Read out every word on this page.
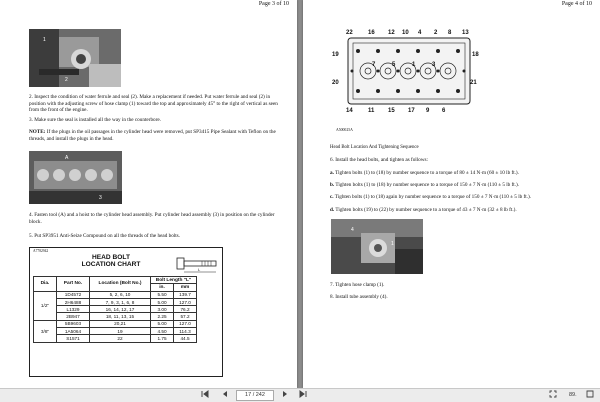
Page 3 of 10
1
2
2. Inspect the condition of water ferrule and seal (2). Make a replacement if needed. Put water ferrule and seal (2) in position with the adjusting screw of hose clamp (1) toward the top and approximately 45° to the right of vertical as seen from the front of the engine.
3. Make sure the seal is installed all the way in the counterbore.
NOTE: If the plugs in the oil passages in the cylinder head were removed, put SP3415 Pipe Sealant with Teflon on the threads, and install the plugs in the head.
A
3
4. Fasten tool (A) and a hoist to the cylinder head assembly. Put cylinder head assembly (3) in position on the cylinder block.
5. Put SP3951 Anti-Seize Compound on all the threads of the head bolts.
A7782942
HEAD BOLT
LOCATION CHART
L
Dia.	Part No.	Location (Bolt No.)	Bolt Length "L"	
			in.	mm
1/2"	1D4572	5, 2, 6, 10	5.50	139.7
	2H6488	7, 9, 3, 1, 6, 8	5.00	127.0
	L1329	16, 14, 12, 17	3.00	76.2
	2B947	18, 11, 13, 15	2.25	57.2
3/8"	5B9603	20,21	5.00	127.0
	1A5064	19	4.50	114.3
	S1571	22	1.75	44.5
Page 4 of 10
22	16 12 10 4 2 8 13
19	18
7	5	1	3
20
14	11 15 17 9 6
21
A500025A
Head Bolt Location And Tightening Sequence
6. Install the head bolts, and tighten as follows:
a. Tighten bolts (1) to (18) by number sequence to a torque of 80 ± 14 N·m (60 ± 10 lb ft.).
b. Tighten bolts (1) to (18) by number sequence to a torque of 150 ± 7 N·m (110 ± 5 lb ft.).
c. Tighten bolts (1) to (18) again by number sequence to a torque of 150 ± 7 N·m (110 ± 5 lb ft.).
d. Tighten bolts (19) to (22) by number sequence to a torque of 43 ± 7 N·m (32 ± 8 lb ft.).
4
1
7. Tighten hose clamp (1).
8. Install tube assembly (4).
17 / 242	89.
